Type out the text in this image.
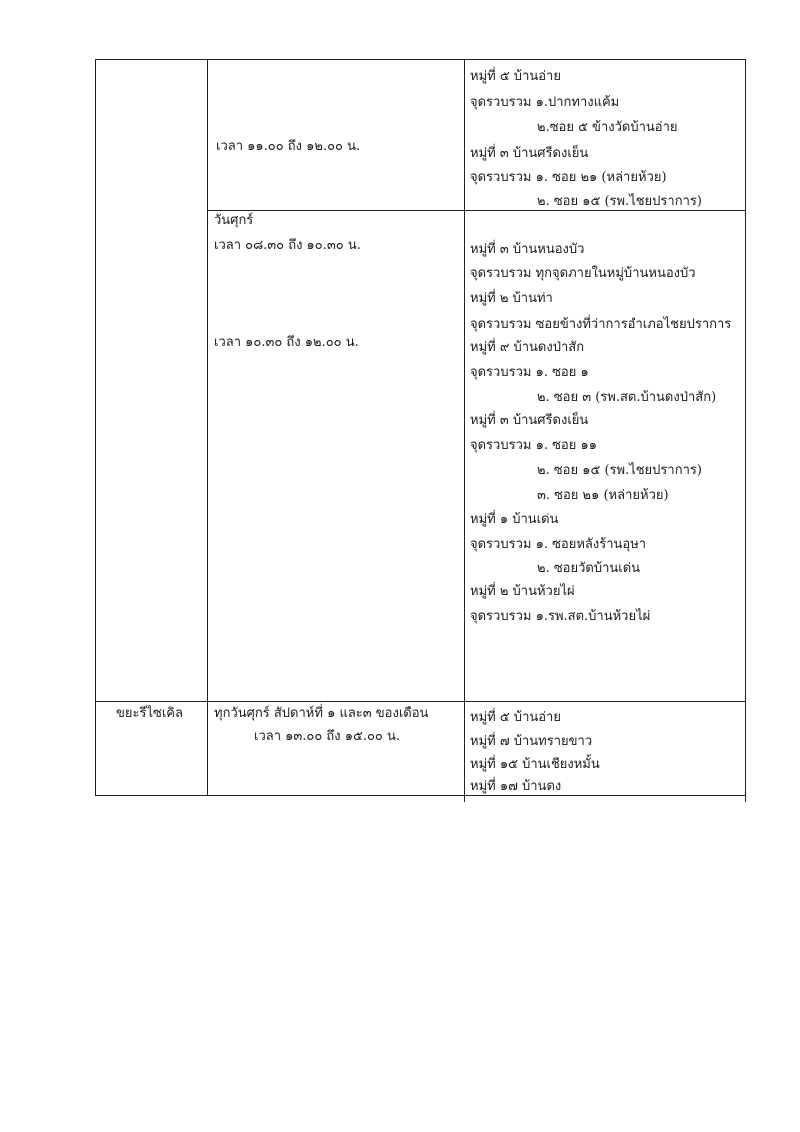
เวลา ๑๑.๐๐ ถึง ๑๒.๐๐ น.
หมู่ที่ ๕ บ้านอ่าย
จุดรวบรวม ๑.ปากทางแค้ม
๒.ซอย ๕ ข้างวัดบ้านอ่าย
หมู่ที่ ๓ บ้านศรีดงเย็น
จุดรวบรวม ๑. ซอย ๒๑ (หล่ายห้วย)
๒. ซอย ๑๕ (รพ.ไชยปราการ)
วันศุกร์
เวลา ๐๘.๓๐ ถึง ๑๐.๓๐ น.
เวลา ๑๐.๓๐ ถึง ๑๒.๐๐ น.
หมู่ที่ ๓ บ้านหนองบัว
จุดรวบรวม ทุกจุดภายในหมู่บ้านหนองบัว
หมู่ที่ ๒ บ้านท่า
จุดรวบรวม ซอยข้างที่ว่าการอำเภอไชยปราการ
หมู่ที่ ๙ บ้านดงป่าสัก
จุดรวบรวม ๑. ซอย ๑
๒. ซอย ๓ (รพ.สต.บ้านดงป่าสัก)
หมู่ที่ ๓ บ้านศรีดงเย็น
จุดรวบรวม ๑. ซอย ๑๑
๒. ซอย ๑๕ (รพ.ไชยปราการ)
๓. ซอย ๒๑ (หล่ายห้วย)
หมู่ที่ ๑ บ้านเด่น
จุดรวบรวม ๑. ซอยหลังร้านอุษา
๒. ซอยวัดบ้านเด่น
หมู่ที่ ๒ บ้านห้วยไผ่
จุดรวบรวม ๑.รพ.สต.บ้านห้วยไผ่
ขยะรีไซเคิล ทุกวันศุกร์ สัปดาห์ที่ ๑ และ๓ ของเดือน
เวลา ๑๓.๐๐ ถึง ๑๕.๐๐ น.
หมู่ที่ ๕ บ้านอ่าย
หมู่ที่ ๗ บ้านทรายขาว
หมู่ที่ ๑๕ บ้านเชียงหมั้น
หมู่ที่ ๑๗ บ้านดง
